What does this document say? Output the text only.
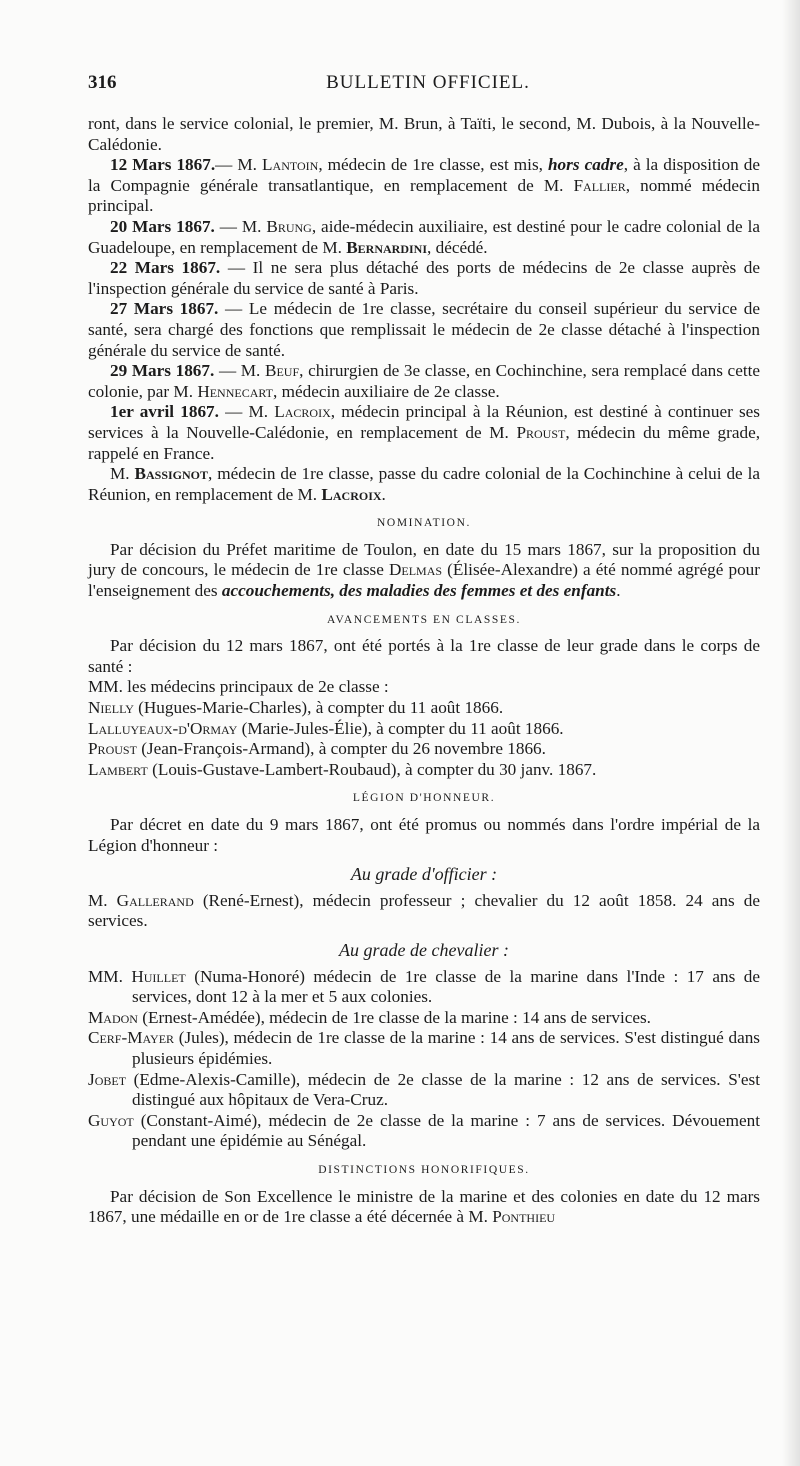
316	BULLETIN OFFICIEL.

ront, dans le service colonial, le premier, M. Brun, à Taïti, le second, M. Dubois, à la Nouvelle-Calédonie.

12 Mars 1867.— M. Lantoin, médecin de 1re classe, est mis, hors cadre, à la disposition de la Compagnie générale transatlantique, en remplacement de M. Fallier, nommé médecin principal.

20 Mars 1867. — M. Brung, aide-médecin auxiliaire, est destiné pour le cadre colonial de la Guadeloupe, en remplacement de M. Bernardini, décédé.

22 Mars 1867. — Il ne sera plus détaché des ports de médecins de 2e classe auprès de l'inspection générale du service de santé à Paris.

27 Mars 1867. — Le médecin de 1re classe, secrétaire du conseil supérieur du service de santé, sera chargé des fonctions que remplissait le médecin de 2e classe détaché à l'inspection générale du service de santé.

29 Mars 1867. — M. Beuf, chirurgien de 3e classe, en Cochinchine, sera remplacé dans cette colonie, par M. Hennecart, médecin auxiliaire de 2e classe.

1er avril 1867. — M. Lacroix, médecin principal à la Réunion, est destiné à continuer ses services à la Nouvelle-Calédonie, en remplacement de M. Proust, médecin du même grade, rappelé en France.

M. Bassignot, médecin de 1re classe, passe du cadre colonial de la Cochinchine à celui de la Réunion, en remplacement de M. Lacroix.

NOMINATION.

Par décision du Préfet maritime de Toulon, en date du 15 mars 1867, sur la proposition du jury de concours, le médecin de 1re classe Delmas (Élisée-Alexandre) a été nommé agrégé pour l'enseignement des accouchements, des maladies des femmes et des enfants.

AVANCEMENTS EN CLASSES.

Par décision du 12 mars 1867, ont été portés à la 1re classe de leur grade dans le corps de santé :

MM. les médecins principaux de 2e classe :

Nielly (Hugues-Marie-Charles), à compter du 11 août 1866.

Lalluyeaux-d'Ormay (Marie-Jules-Élie), à compter du 11 août 1866.

Proust (Jean-François-Armand), à compter du 26 novembre 1866.

Lambert (Louis-Gustave-Lambert-Roubaud), à compter du 30 janv. 1867.

LÉGION D'HONNEUR.

Par décret en date du 9 mars 1867, ont été promus ou nommés dans l'ordre impérial de la Légion d'honneur :

Au grade d'officier :

M. Gallerand (René-Ernest), médecin professeur ; chevalier du 12 août 1858. 24 ans de services.

Au grade de chevalier :

MM. Huillet (Numa-Honoré) médecin de 1re classe de la marine dans l'Inde : 17 ans de services, dont 12 à la mer et 5 aux colonies.

Madon (Ernest-Amédée), médecin de 1re classe de la marine : 14 ans de services.

Cerf-Mayer (Jules), médecin de 1re classe de la marine : 14 ans de services. S'est distingué dans plusieurs épidémies.

Jobet (Edme-Alexis-Camille), médecin de 2e classe de la marine : 12 ans de services. S'est distingué aux hôpitaux de Vera-Cruz.

Guyot (Constant-Aimé), médecin de 2e classe de la marine : 7 ans de services. Dévouement pendant une épidémie au Sénégal.

DISTINCTIONS HONORIFIQUES.

Par décision de Son Excellence le ministre de la marine et des colonies en date du 12 mars 1867, une médaille en or de 1re classe a été décernée à M. Ponthieu
